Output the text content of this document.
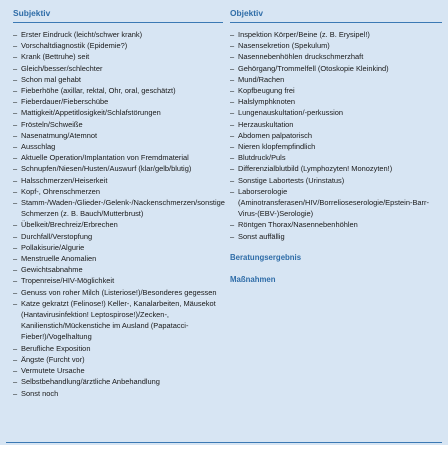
Subjektiv
– Erster Eindruck (leicht/schwer krank)
– Vorschaltdiagnostik (Epidemie?)
– Krank (Bettruhe) seit
– Gleich/besser/schlechter
– Schon mal gehabt
– Fieberhöhe (axillar, rektal, Ohr, oral, geschätzt)
– Fieberdauer/Fieberschübe
– Mattigkeit/Appetitlosigkeit/Schlafstörungen
– Frösteln/Schweiße
– Nasenatmung/Atemnot
– Ausschlag
– Aktuelle Operation/Implantation von Fremdmaterial
– Schnupfen/Niesen/Husten/Auswurf (klar/gelb/blutig)
– Halsschmerzen/Heiserkeit
– Kopf-, Ohrenschmerzen
– Stamm-/Waden-/Glieder-/Gelenk-/Nackenschmerzen/sonstige Schmerzen (z. B. Bauch/Mutterbrust)
– Übelkeit/Brechreiz/Erbrechen
– Durchfall/Verstopfung
– Pollakisurie/Algurie
– Menstruelle Anomalien
– Gewichtsabnahme
– Tropenreise/HIV-Möglichkeit
– Genuss von roher Milch (Listeriose!)/Besonderes gegessen
– Katze gekratzt (Felinose!) Keller-, Kanalarbeiten, Mäusekot (Hantavirusinfektion! Leptospirose!)/Zecken-, Kanilienstich/Mückenstiche im Ausland (Papatacci-Fieber!)/Vogelhaltung
– Berufliche Exposition
– Ängste (Furcht vor)
– Vermutete Ursache
– Selbstbehandlung/ärztliche Anbehandlung
– Sonst noch
Objektiv
– Inspektion Körper/Beine (z. B. Erysipel!)
– Nasensekretion (Spekulum)
– Nasennebenhöhlen druckschmerzhaft
– Gehörgang/Trommelfell (Otoskopie Kleinkind)
– Mund/Rachen
– Kopfbeugung frei
– Halslymphknoten
– Lungenauskultation/-perkussion
– Herzauskultation
– Abdomen palpatorisch
– Nieren klopfempfindlich
– Blutdruck/Puls
– Differenzialblutbild (Lymphozyten! Monozyten!)
– Sonstige Labortests (Urinstatus)
– Laborserologie (Aminotransferasen/HIV/Borrelioseserologie/Epstein-Barr-Virus-(EBV-)Serologie)
– Röntgen Thorax/Nasennebenhöhlen
– Sonst auffällig
Beratungsergebnis
Maßnahmen
